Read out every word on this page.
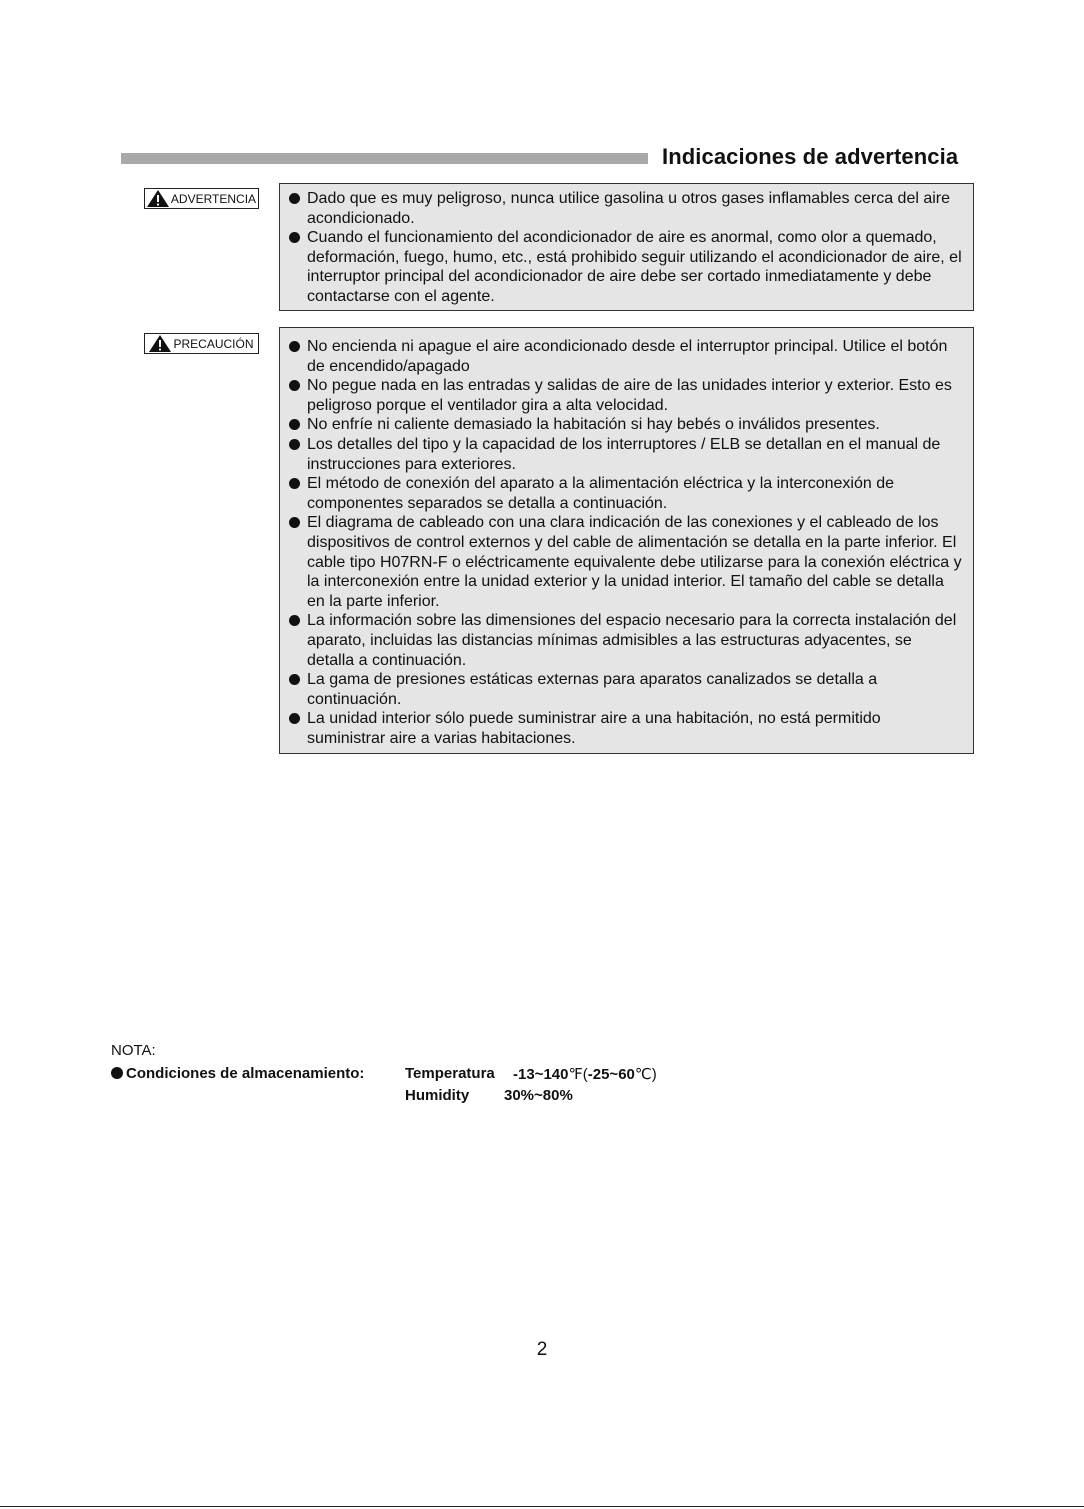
Indicaciones de advertencia
ADVERTENCIA	Dado que es muy peligroso, nunca utilice gasolina u otros gases inflamables cerca del aire acondicionado.
Cuando el funcionamiento del acondicionador de aire es anormal, como olor a quemado, deformación, fuego, humo, etc., está prohibido seguir utilizando el acondicionador de aire, el interruptor principal del acondicionador de aire debe ser cortado inmediatamente y debe contactarse con el agente.
PRECAUCIÓN	No encienda ni apague el aire acondicionado desde el interruptor principal. Utilice el botón de encendido/apagado
No pegue nada en las entradas y salidas de aire de las unidades interior y exterior. Esto es peligroso porque el ventilador gira a alta velocidad.
No enfríe ni caliente demasiado la habitación si hay bebés o inválidos presentes.
Los detalles del tipo y la capacidad de los interruptores / ELB se detallan en el manual de instrucciones para exteriores.
El método de conexión del aparato a la alimentación eléctrica y la interconexión de componentes separados se detalla a continuación.
El diagrama de cableado con una clara indicación de las conexiones y el cableado de los dispositivos de control externos y del cable de alimentación se detalla en la parte inferior. El cable tipo H07RN-F o eléctricamente equivalente debe utilizarse para la conexión eléctrica y la interconexión entre la unidad exterior y la unidad interior. El tamaño del cable se detalla en la parte inferior.
La información sobre las dimensiones del espacio necesario para la correcta instalación del aparato, incluidas las distancias mínimas admisibles a las estructuras adyacentes, se detalla a continuación.
La gama de presiones estáticas externas para aparatos canalizados se detalla a continuación.
La unidad interior sólo puede suministrar aire a una habitación, no está permitido suministrar aire a varias habitaciones.
NOTA:
Condiciones de almacenamiento:	Temperatura -13~140℉(-25~60℃)
Humidity 30%~80%
2
